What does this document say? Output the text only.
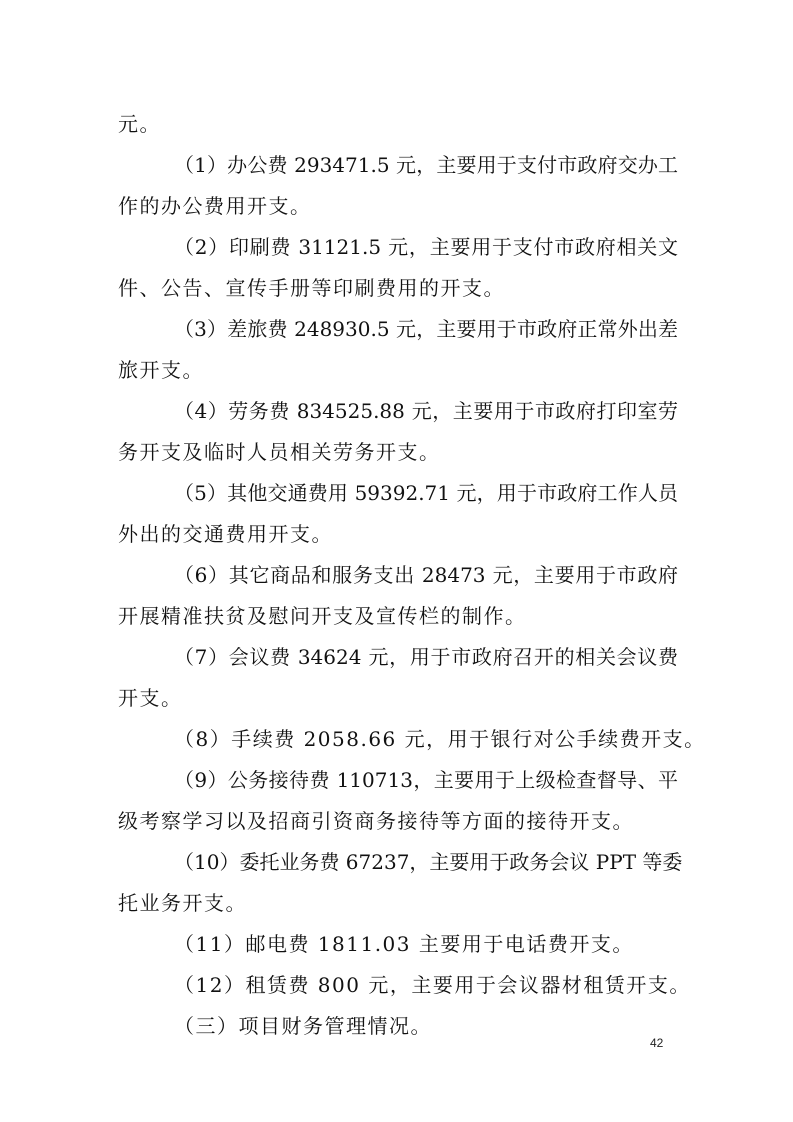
元。
（1）办公费 293471.5 元，主要用于支付市政府交办工
作的办公费用开支。
（2）印刷费 31121.5 元，主要用于支付市政府相关文
件、公告、宣传手册等印刷费用的开支。
（3）差旅费 248930.5 元，主要用于市政府正常外出差
旅开支。
（4）劳务费 834525.88 元，主要用于市政府打印室劳
务开支及临时人员相关劳务开支。
（5）其他交通费用 59392.71 元，用于市政府工作人员
外出的交通费用开支。
（6）其它商品和服务支出 28473 元，主要用于市政府
开展精准扶贫及慰问开支及宣传栏的制作。
（7）会议费 34624 元，用于市政府召开的相关会议费
开支。
（8）手续费 2058.66 元，用于银行对公手续费开支。
（9）公务接待费 110713，主要用于上级检查督导、平
级考察学习以及招商引资商务接待等方面的接待开支。
（10）委托业务费 67237，主要用于政务会议 PPT 等委
托业务开支。
（11）邮电费 1811.03 主要用于电话费开支。
（12）租赁费 800 元，主要用于会议器材租赁开支。
（三）项目财务管理情况。
42
